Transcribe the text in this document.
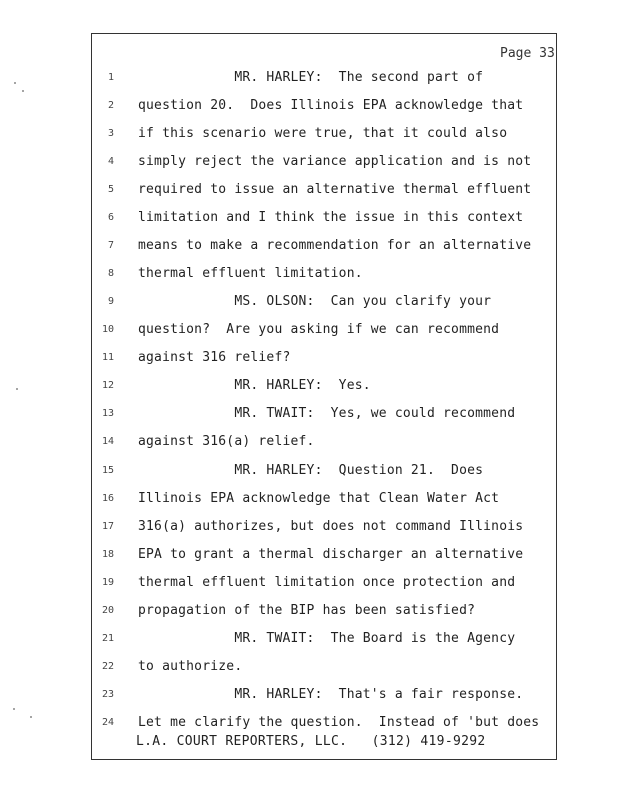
Page 33
1 MR. HARLEY:  The second part of
2 question 20.  Does Illinois EPA acknowledge that
3 if this scenario were true, that it could also
4 simply reject the variance application and is not
5 required to issue an alternative thermal effluent
6 limitation and I think the issue in this context
7 means to make a recommendation for an alternative
8 thermal effluent limitation.
9 MS. OLSON:  Can you clarify your
10 question?  Are you asking if we can recommend
11 against 316 relief?
12 MR. HARLEY:  Yes.
13 MR. TWAIT:  Yes, we could recommend
14 against 316(a) relief.
15 MR. HARLEY:  Question 21.  Does
16 Illinois EPA acknowledge that Clean Water Act
17 316(a) authorizes, but does not command Illinois
18 EPA to grant a thermal discharger an alternative
19 thermal effluent limitation once protection and
20 propagation of the BIP has been satisfied?
21 MR. TWAIT:  The Board is the Agency
22 to authorize.
23 MR. HARLEY:  That's a fair response.
24 Let me clarify the question.  Instead of 'but does
L.A. COURT REPORTERS, LLC.   (312) 419-9292
